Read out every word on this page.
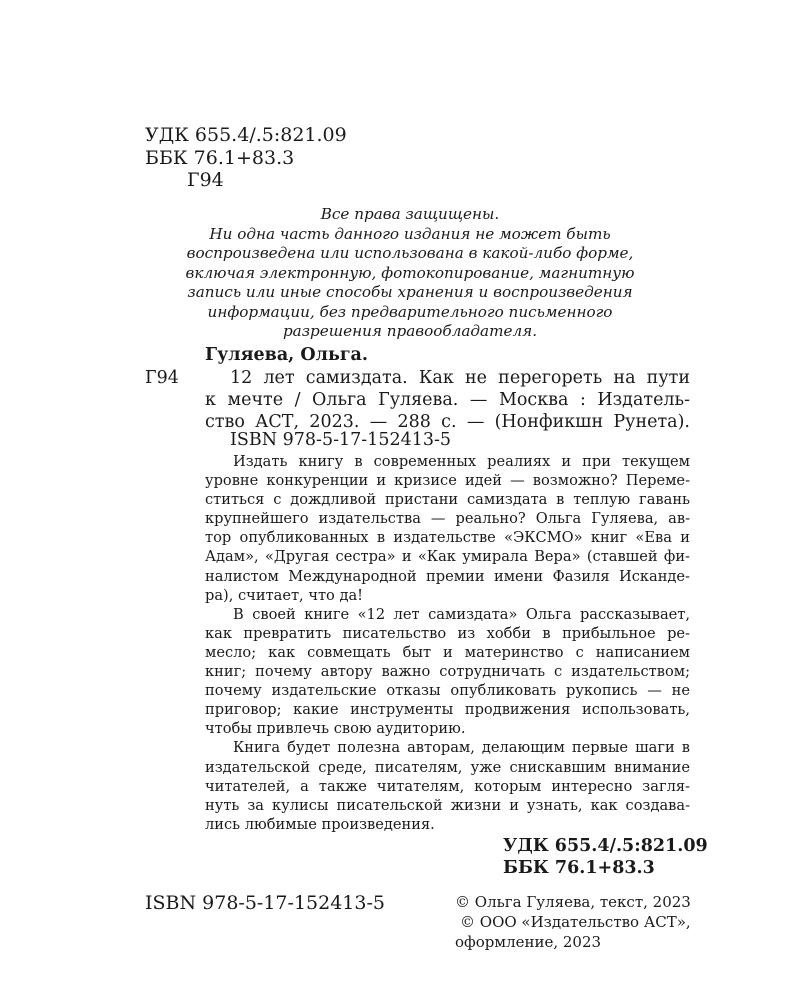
УДК 655.4/.5:821.09
ББК 76.1+83.3
Г94
Все права защищены.
Ни одна часть данного издания не может быть
воспроизведена или использована в какой-либо форме,
включая электронную, фотокопирование, магнитную
запись или иные способы хранения и воспроизведения
информации, без предварительного письменного
разрешения правообладателя.
Гуляева, Ольга.
Г94	12 лет самиздата. Как не перегореть на пути
к мечте / Ольга Гуляева. — Москва : Издатель-
ство АСТ, 2023. — 288 с. — (Нонфикшн Рунета).
ISBN 978-5-17-152413-5
Издать книгу в современных реалиях и при текущем
уровне конкуренции и кризисе идей — возможно? Переме-
ститься с дождливой пристани самиздата в теплую гавань
крупнейшего издательства — реально? Ольга Гуляева, ав-
тор опубликованных в издательстве «ЭКСМО» книг «Ева и
Адам», «Другая сестра» и «Как умирала Вера» (ставшей фи-
налистом Международной премии имени Фазиля Искандe-
ра), считает, что да!
В своей книге «12 лет самиздата» Ольга рассказывает,
как превратить писательство из хобби в прибыльное ре-
месло; как совмещать быт и материнство с написанием
книг; почему автору важно сотрудничать с издательством;
почему издательские отказы опубликовать рукопись — не
приговор; какие инструменты продвижения использовать,
чтобы привлечь свою аудиторию.
Книга будет полезна авторам, делающим первые шаги в
издательской среде, писателям, уже снискавшим внимание
читателей, а также читателям, которым интересно загля-
нуть за кулисы писательской жизни и узнать, как создава-
лись любимые произведения.
УДК 655.4/.5:821.09
ББК 76.1+83.3
ISBN 978-5-17-152413-5	© Ольга Гуляева, текст, 2023
© ООО «Издательство АСТ»,
оформление, 2023
